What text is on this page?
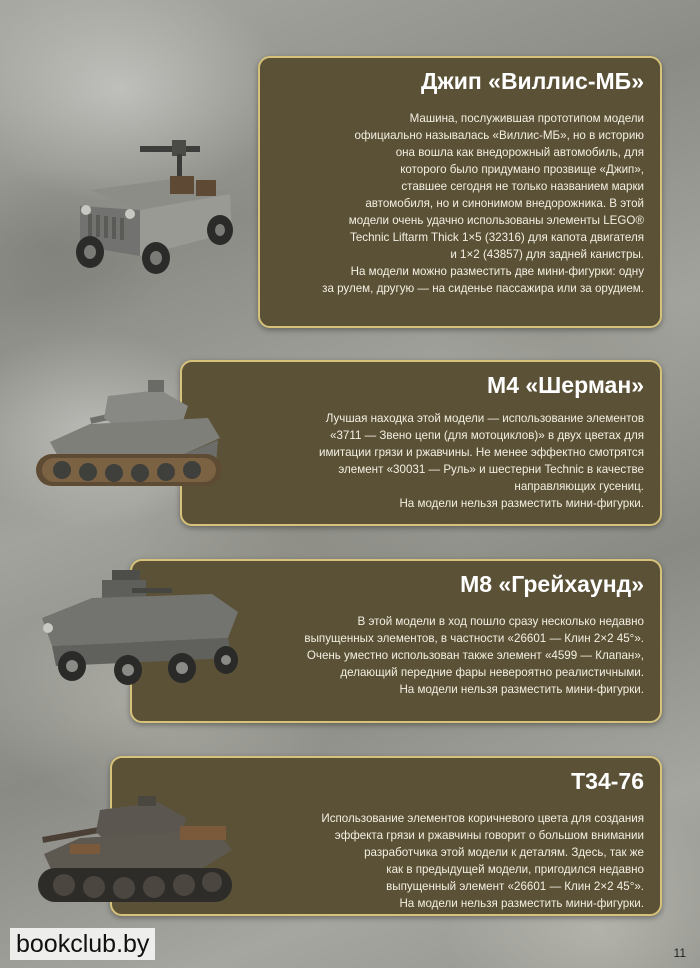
Джип «Виллис-МБ»

Машина, послужившая прототипом модели

официально называлась «Виллис-МБ», но в историю

она вошла как внедорожный автомобиль, для

которого было придумано прозвище «Джип»,

ставшее сегодня не только названием марки

автомобиля, но и синонимом внедорожника. В этой

модели очень удачно использованы элементы LEGO®

Technic Liftarm Thick 1×5 (32316) для капота двигателя

и 1×2 (43857) для задней канистры.

На модели можно разместить две мини-фигурки: одну

за рулем, другую — на сиденье пассажира или за орудием.

М4 «Шерман»

Лучшая находка этой модели — использование элементов

«3711 — Звено цепи (для мотоциклов)» в двух цветах для

имитации грязи и ржавчины. Не менее эффектно смотрятся

элемент «30031 — Руль» и шестерни Technic в качестве

направляющих гусениц.

На модели нельзя разместить мини-фигурки.

М8 «Грейхаунд»

В этой модели в ход пошло сразу несколько недавно

выпущенных элементов, в частности «26601 — Клин 2×2 45°».

Очень уместно использован также элемент «4599 — Клапан»,

делающий передние фары невероятно реалистичными.

На модели нельзя разместить мини-фигурки.

Т34-76

Использование элементов коричневого цвета для создания

эффекта грязи и ржавчины говорит о большом внимании

разработчика этой модели к деталям. Здесь, так же

как в предыдущей модели, пригодился недавно

выпущенный элемент «26601 — Клин 2×2 45°».

На модели нельзя разместить мини-фигурки.

bookclub.by	11
